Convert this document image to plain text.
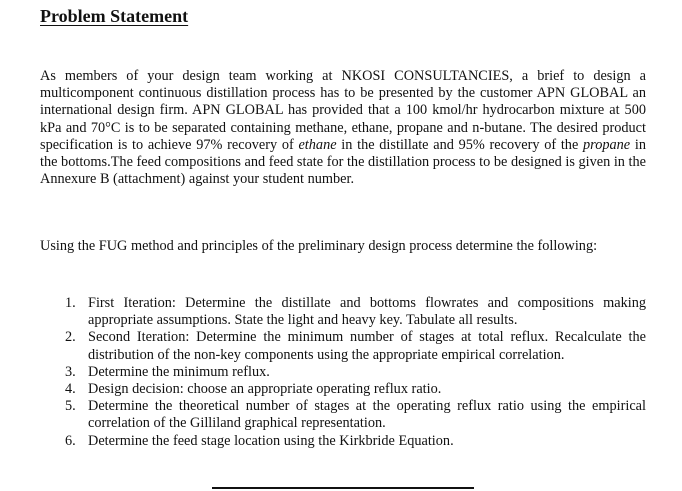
Problem Statement

As members of your design team working at NKOSI CONSULTANCIES, a brief to design a multicomponent continuous distillation process has to be presented by the customer APN GLOBAL an international design firm. APN GLOBAL has provided that a 100 kmol/hr hydrocarbon mixture at 500 kPa and 70°C is to be separated containing methane, ethane, propane and n-butane. The desired product specification is to achieve 97% recovery of ethane in the distillate and 95% recovery of the propane in the bottoms.The feed compositions and feed state for the distillation process to be designed is given in the Annexure B (attachment) against your student number.

Using the FUG method and principles of the preliminary design process determine the following:

1. First Iteration: Determine the distillate and bottoms flowrates and compositions making appropriate assumptions. State the light and heavy key. Tabulate all results.
2. Second Iteration: Determine the minimum number of stages at total reflux. Recalculate the distribution of the non-key components using the appropriate empirical correlation.
3. Determine the minimum reflux.
4. Design decision: choose an appropriate operating reflux ratio.
5. Determine the theoretical number of stages at the operating reflux ratio using the empirical correlation of the Gilliland graphical representation.
6. Determine the feed stage location using the Kirkbride Equation.
